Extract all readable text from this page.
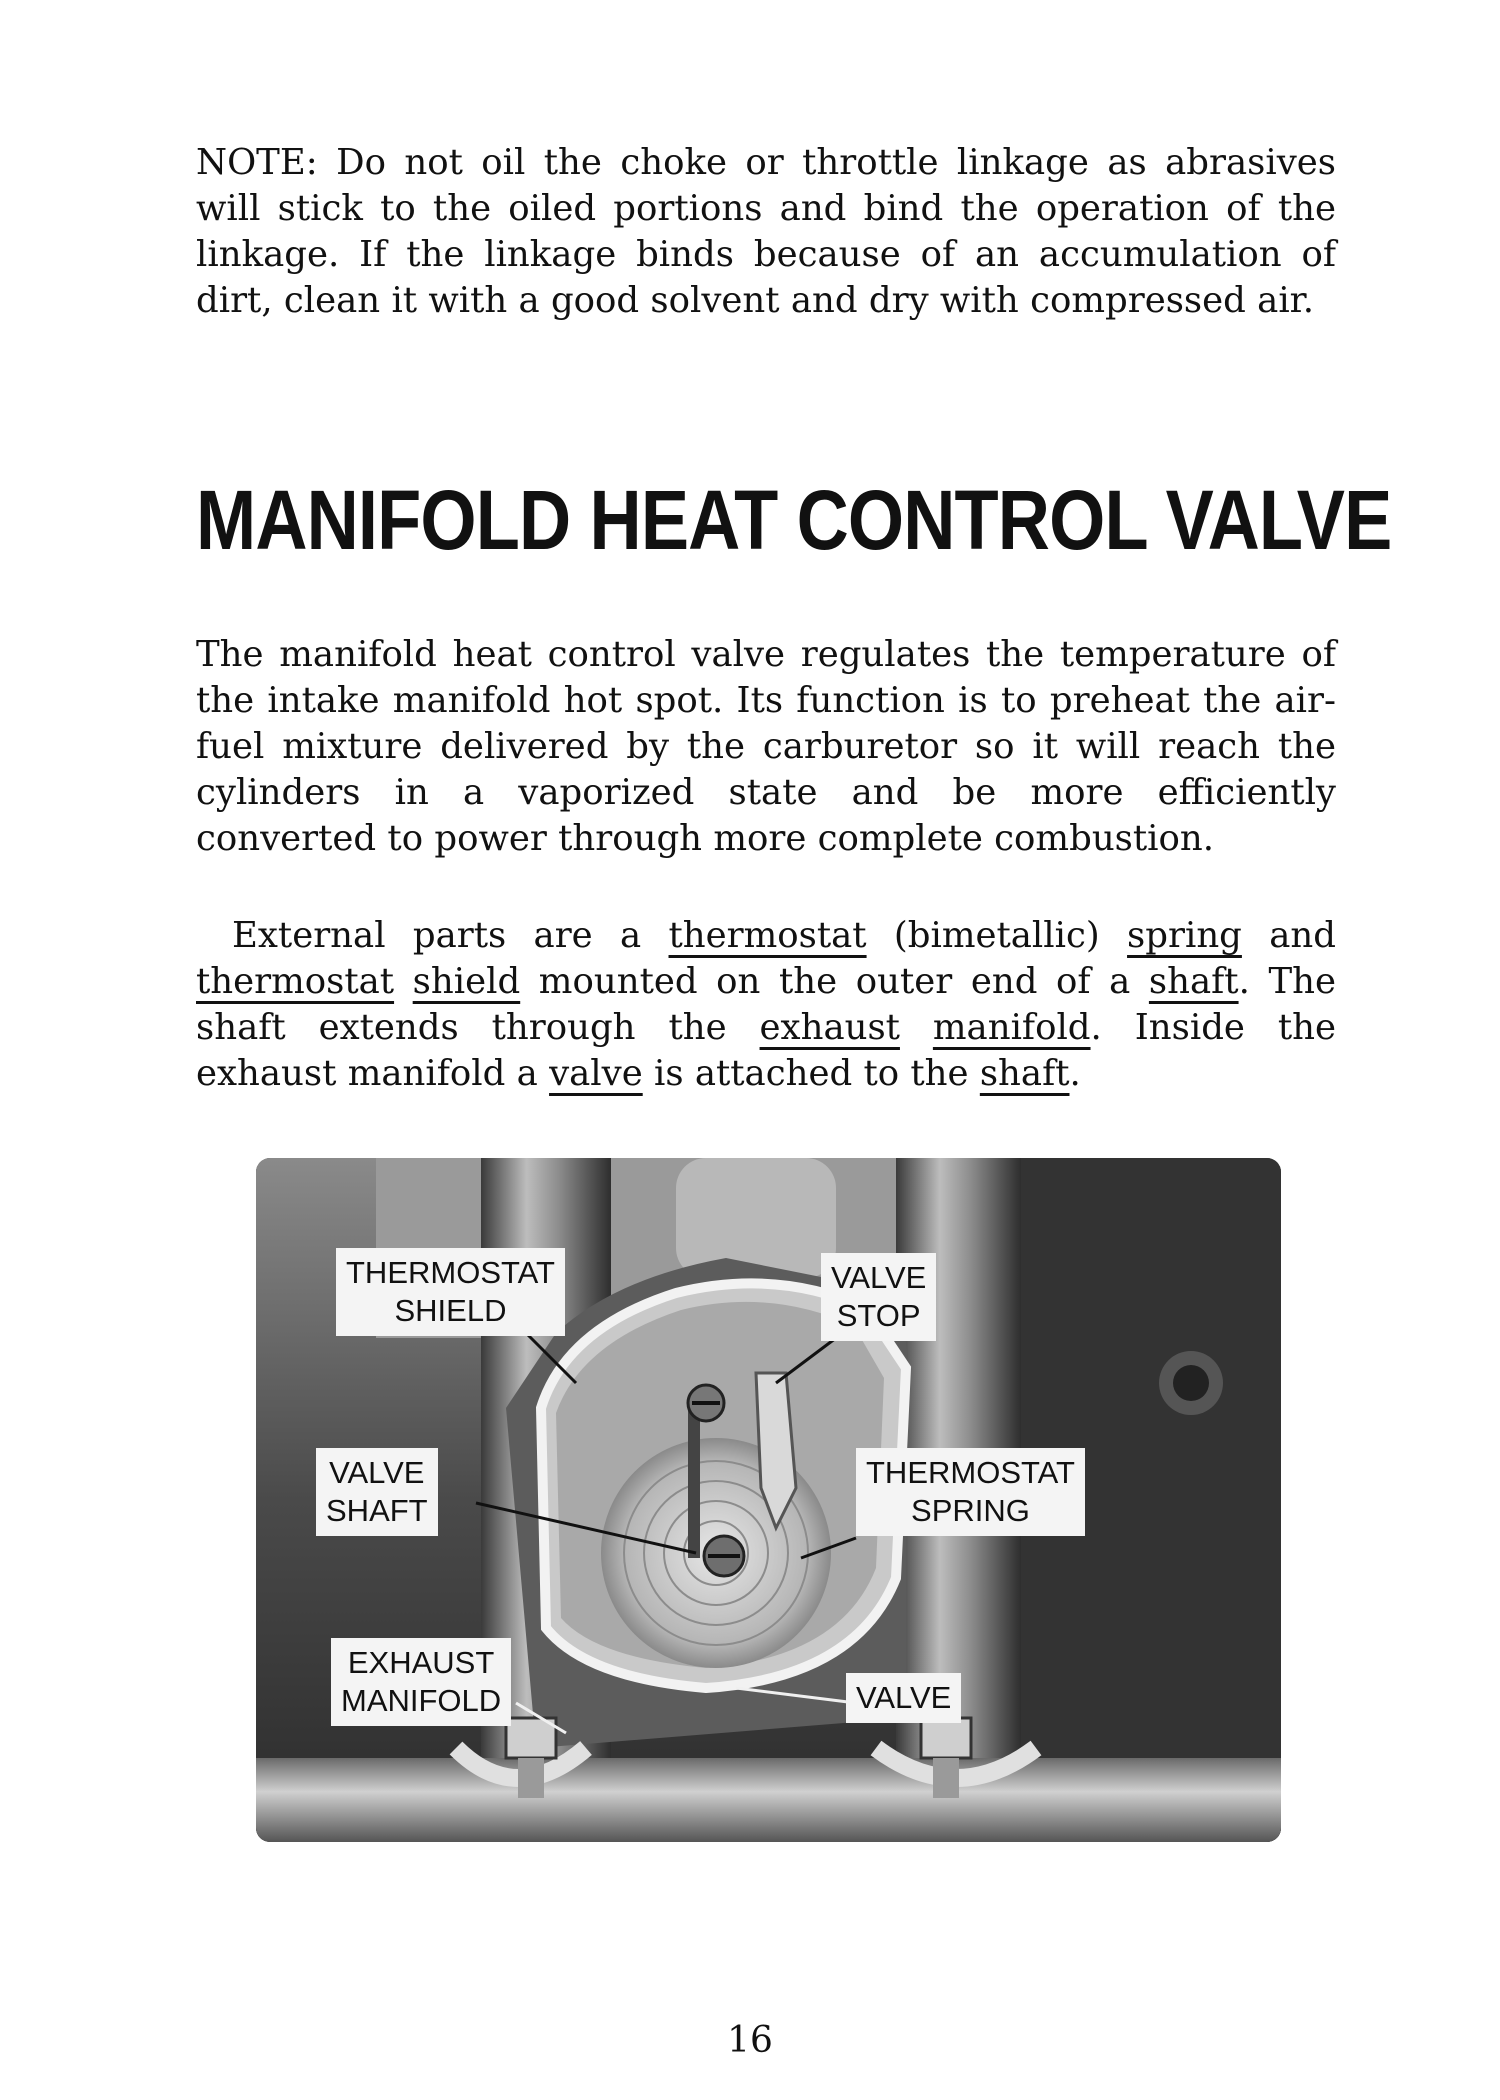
NOTE: Do not oil the choke or throttle linkage as abrasives will stick to the oiled portions and bind the operation of the linkage. If the linkage binds because of an accumulation of dirt, clean it with a good solvent and dry with compressed air.

MANIFOLD HEAT CONTROL VALVE

The manifold heat control valve regulates the temperature of the intake manifold hot spot. Its function is to preheat the air-fuel mixture delivered by the carburetor so it will reach the cylinders in a vaporized state and be more efficiently converted to power through more complete combustion.

External parts are a thermostat (bimetallic) spring and thermostat shield mounted on the outer end of a shaft. The shaft extends through the exhaust manifold. Inside the exhaust manifold a valve is attached to the shaft.

THERMOSTAT
SHIELD
VALVE
STOP
VALVE
SHAFT
THERMOSTAT
SPRING
EXHAUST
MANIFOLD	VALVE

16
